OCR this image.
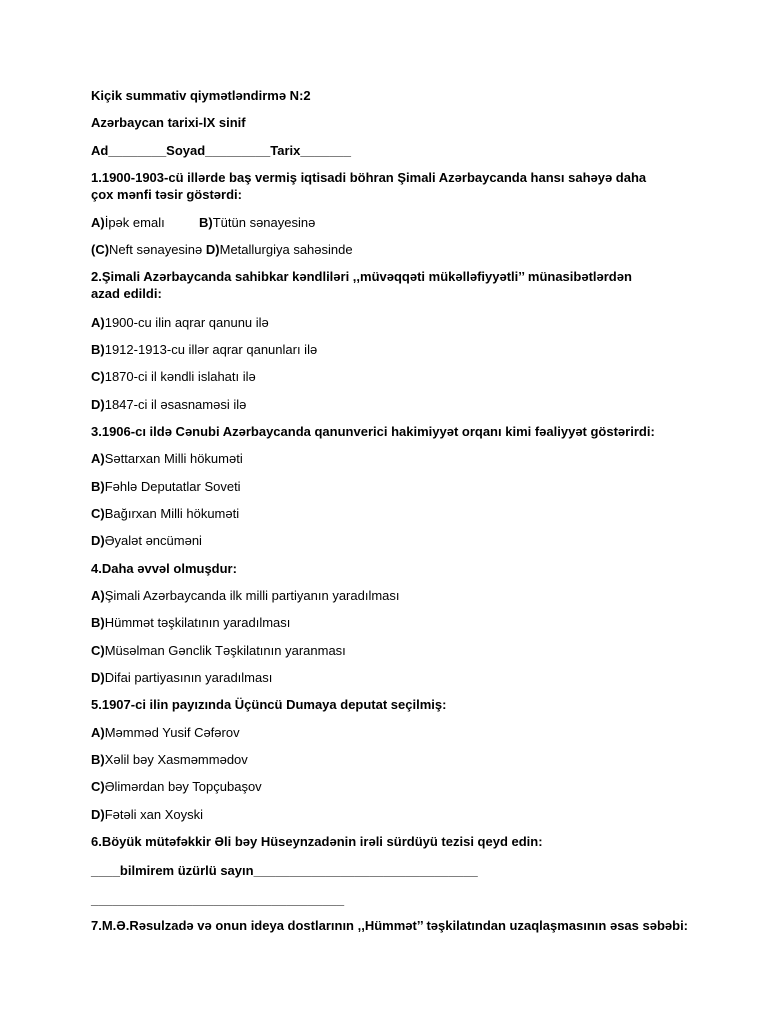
Kiçik summativ qiymətləndirmə N:2
Azərbaycan tarixi-lX sinif
Ad________Soyad_________Tarix_______
1.1900-1903-cü illərde baş vermiş iqtisadi böhran Şimali Azərbaycanda hansı sahəyə daha çox mənfi təsir göstərdi:
A)İpək emalı	B)Tütün sənayesinə
(C)Neft sənayesinə D)Metallurgiya sahəsinde
2.Şimali Azərbaycanda sahibkar kəndliləri ,,müvəqqəti mükəlləfiyyətli’’ münasibətlərdən azad edildi:
A)1900-cu ilin aqrar qanunu ilə
B)1912-1913-cu illər aqrar qanunları ilə
C)1870-ci il kəndli islahatı ilə
D)1847-ci il əsasnaməsi ilə
3.1906-cı ildə Cənubi Azərbaycanda qanunverici hakimiyyət orqanı kimi fəaliyyət göstərirdi:
A)Səttarxan Milli hökuməti
B)Fəhlə Deputatlar Soveti
C)Bağırxan Milli hökuməti
D)Əyalət əncüməni
4.Daha əvvəl olmuşdur:
A)Şimali Azərbaycanda ilk milli partiyanın yaradılması
B)Hümmət təşkilatının yaradılması
C)Müsəlman Gənclik Təşkilatının yaranması
D)Difai partiyasının yaradılması
5.1907-ci ilin payızında Üçüncü Dumaya deputat seçilmiş:
A)Məmməd Yusif Cəfərov
B)Xəlil bəy Xasməmmədov
C)Əlimərdan bəy Topçubaşov
D)Fətəli xan Xoyski
6.Böyük mütəfəkkir Əli bəy Hüseynzadənin irəli sürdüyü tezisi qeyd edin:
____bilmirem üzürlü sayın_______________________________
___________________________________
7.M.Ə.Rəsulzadə və onun ideya dostlarının ,,Hümmət’’ təşkilatından uzaqlaşmasının əsas səbəbi:
